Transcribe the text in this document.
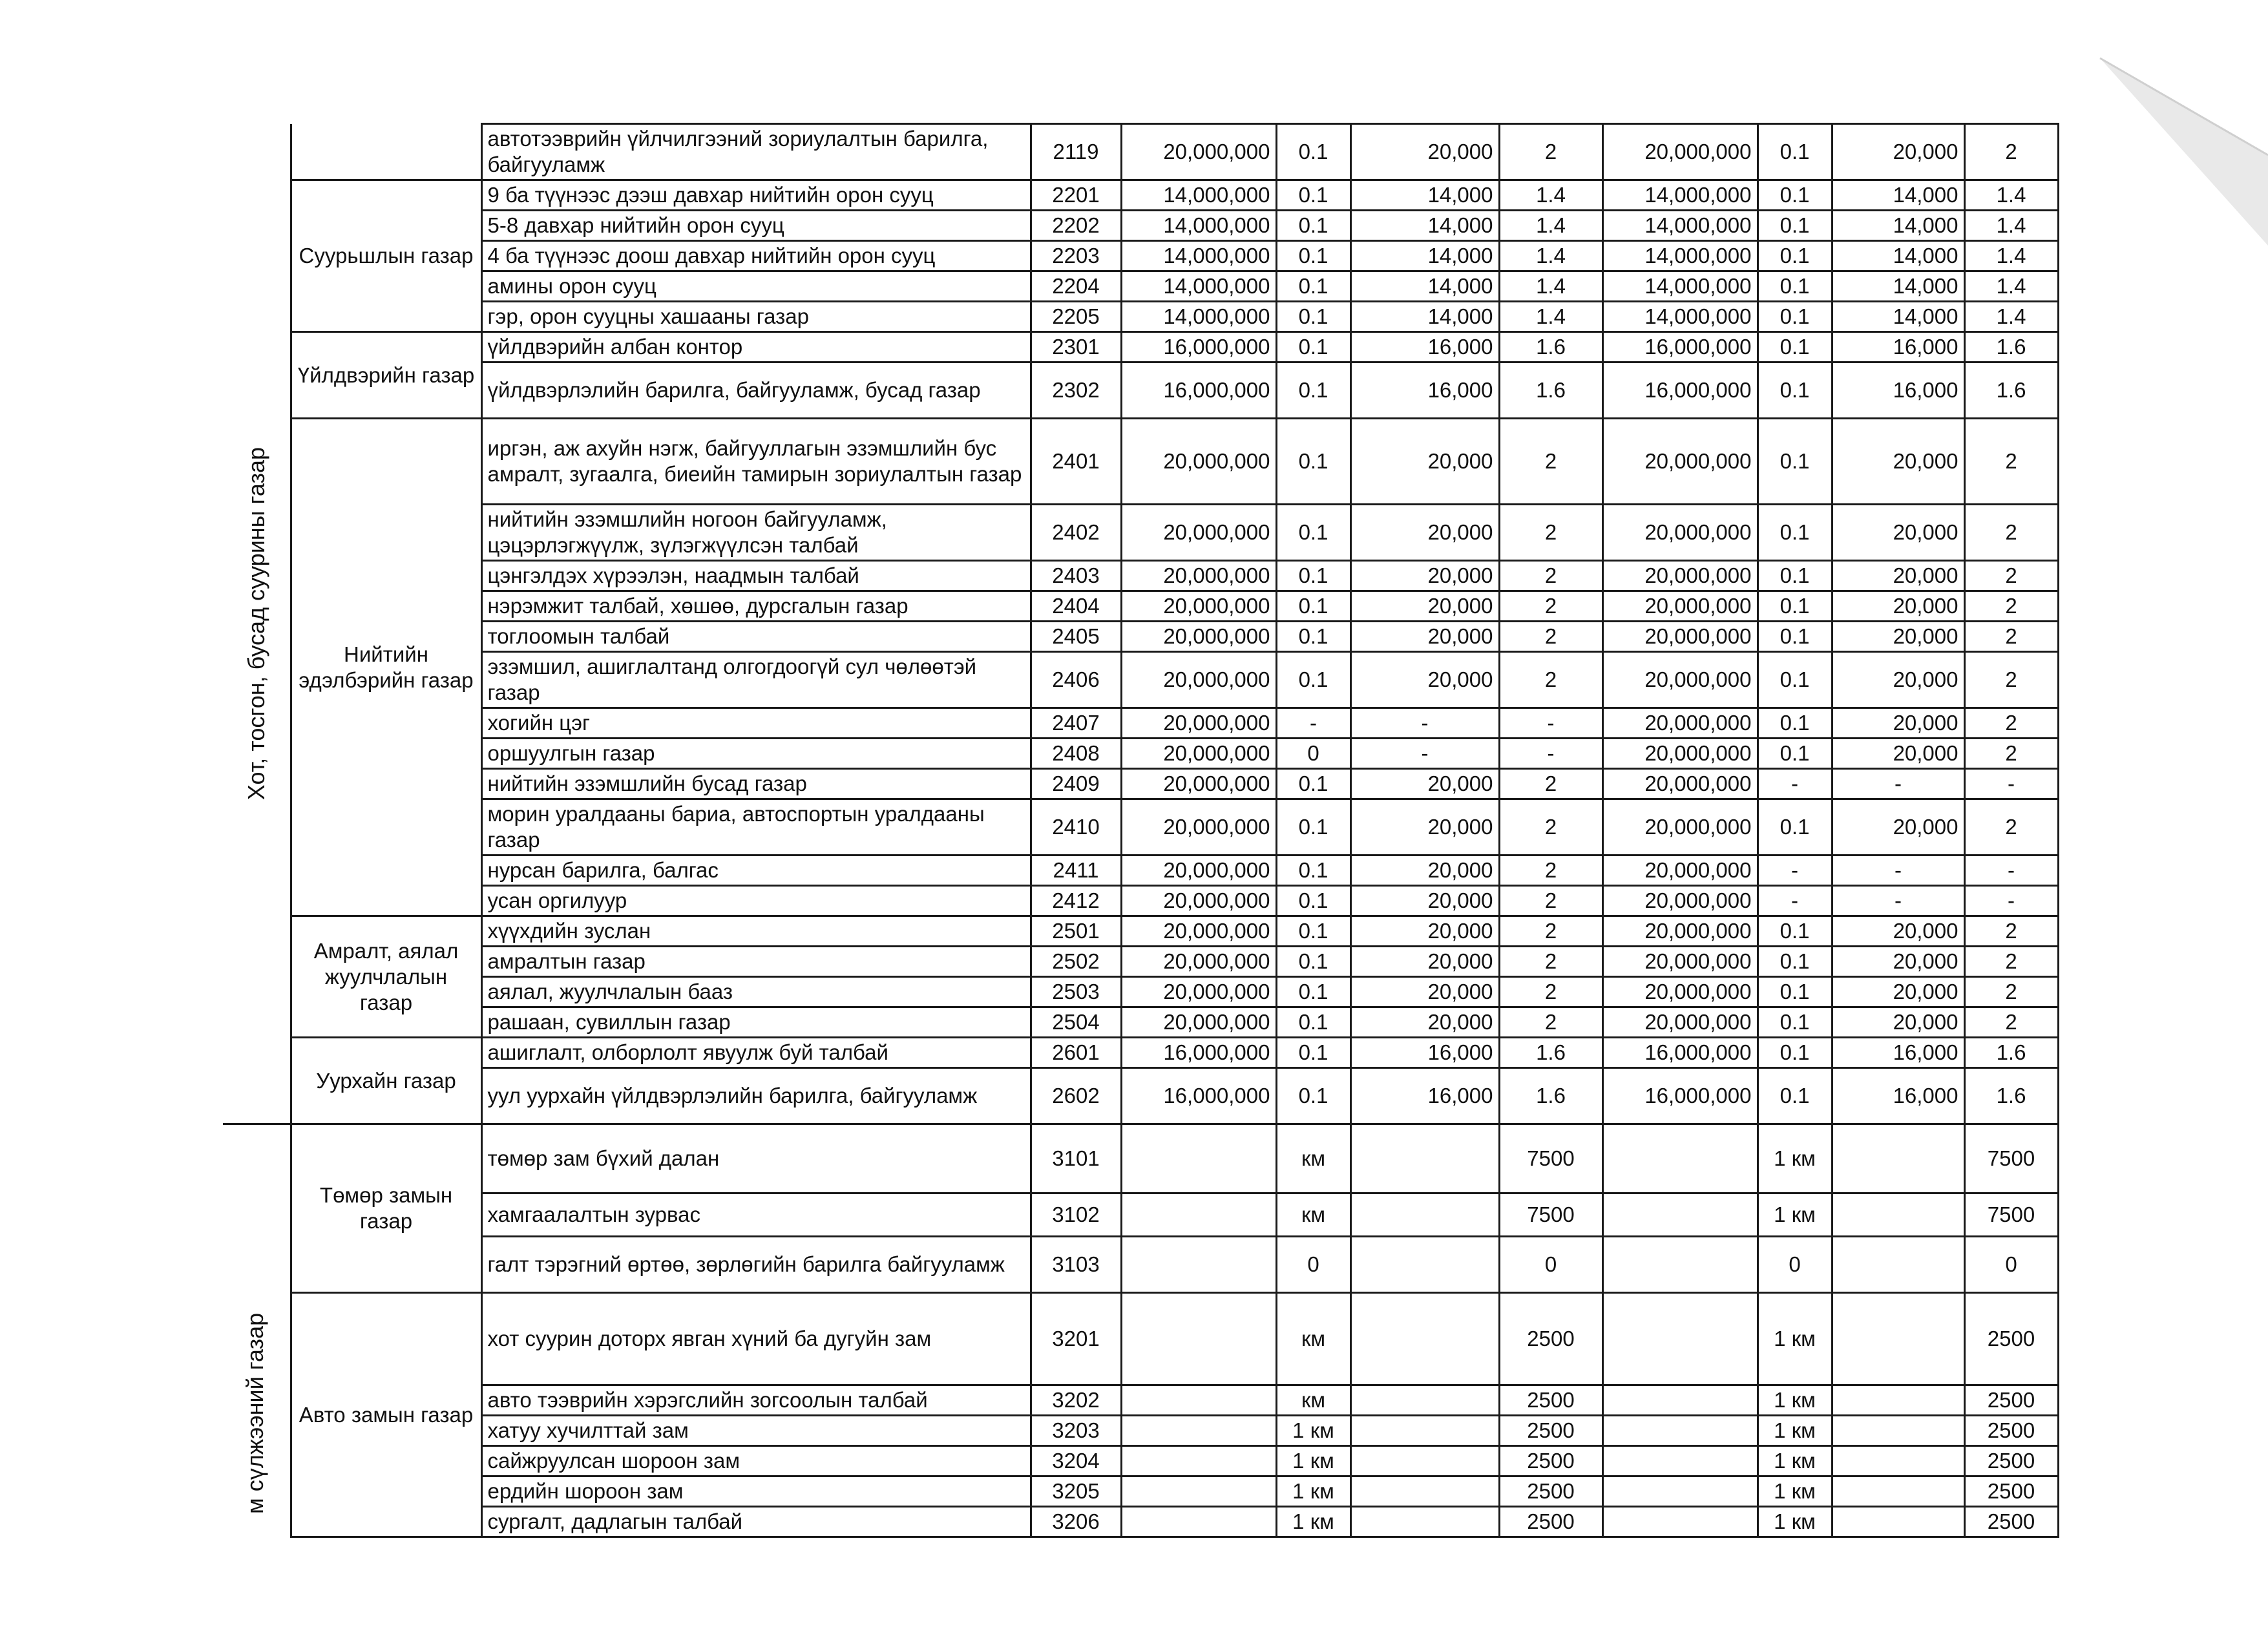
Хот, тосгон, бусад суурины газар		автотээврийн үйлчилгээний зориулалтын барилга, байгууламж	2119	20,000,000	0.1	20,000	2	20,000,000	0.1	20,000	2
	Суурьшлын газар	9 ба түүнээс дээш давхар нийтийн орон сууц	2201	14,000,000	0.1	14,000	1.4	14,000,000	0.1	14,000	1.4
		5-8 давхар нийтийн орон сууц	2202	14,000,000	0.1	14,000	1.4	14,000,000	0.1	14,000	1.4
		4 ба түүнээс доош давхар нийтийн орон сууц	2203	14,000,000	0.1	14,000	1.4	14,000,000	0.1	14,000	1.4
		амины орон сууц	2204	14,000,000	0.1	14,000	1.4	14,000,000	0.1	14,000	1.4
		гэр, орон сууцны хашааны газар	2205	14,000,000	0.1	14,000	1.4	14,000,000	0.1	14,000	1.4
	Үйлдвэрийн газар	үйлдвэрийн албан контор	2301	16,000,000	0.1	16,000	1.6	16,000,000	0.1	16,000	1.6
		үйлдвэрлэлийн барилга, байгууламж, бусад газар	2302	16,000,000	0.1	16,000	1.6	16,000,000	0.1	16,000	1.6
	Нийтийн эдэлбэрийн газар	иргэн, аж ахуйн нэгж, байгууллагын эзэмшлийн бус амралт, зугаалга, биеийн тамирын зориулалтын газар	2401	20,000,000	0.1	20,000	2	20,000,000	0.1	20,000	2
		нийтийн эзэмшлийн ногоон байгууламж, цэцэрлэгжүүлж, зүлэгжүүлсэн талбай	2402	20,000,000	0.1	20,000	2	20,000,000	0.1	20,000	2
		цэнгэлдэх хүрээлэн, наадмын талбай	2403	20,000,000	0.1	20,000	2	20,000,000	0.1	20,000	2
		нэрэмжит талбай, хөшөө, дурсгалын газар	2404	20,000,000	0.1	20,000	2	20,000,000	0.1	20,000	2
		тоглоомын талбай	2405	20,000,000	0.1	20,000	2	20,000,000	0.1	20,000	2
		эзэмшил, ашиглалтанд олгогдоогүй сул чөлөөтэй газар	2406	20,000,000	0.1	20,000	2	20,000,000	0.1	20,000	2
		хогийн цэг	2407	20,000,000	-	-	-	20,000,000	0.1	20,000	2
		оршуулгын газар	2408	20,000,000	0	-	-	20,000,000	0.1	20,000	2
		нийтийн эзэмшлийн бусад газар	2409	20,000,000	0.1	20,000	2	20,000,000	-	-	-
		морин уралдааны бариа, автоспортын уралдааны газар	2410	20,000,000	0.1	20,000	2	20,000,000	0.1	20,000	2
		нурсан барилга, балгас	2411	20,000,000	0.1	20,000	2	20,000,000	-	-	-
		усан оргилуур	2412	20,000,000	0.1	20,000	2	20,000,000	-	-	-
	Амралт, аялал жуулчлалын газар	хүүхдийн зуслан	2501	20,000,000	0.1	20,000	2	20,000,000	0.1	20,000	2
		амралтын газар	2502	20,000,000	0.1	20,000	2	20,000,000	0.1	20,000	2
		аялал, жуулчлалын бааз	2503	20,000,000	0.1	20,000	2	20,000,000	0.1	20,000	2
		рашаан, сувиллын газар	2504	20,000,000	0.1	20,000	2	20,000,000	0.1	20,000	2
	Уурхайн газар	ашиглалт, олборлолт явуулж буй талбай	2601	16,000,000	0.1	16,000	1.6	16,000,000	0.1	16,000	1.6
		уул уурхайн үйлдвэрлэлийн барилга, байгууламж	2602	16,000,000	0.1	16,000	1.6	16,000,000	0.1	16,000	1.6

м сүлжээний газар	Төмөр замын газар	төмөр зам бүхий далан	3101		км		7500		1 км		7500
		хамгаалалтын зурвас	3102		км		7500		1 км		7500
		галт тэрэгний өртөө, зөрлөгийн барилга байгууламж	3103		0		0		0		0
	Авто замын газар	хот суурин доторх явган хүний ба дугуйн зам	3201		км		2500		1 км		2500
		авто тээврийн хэрэгслийн зогсоолын талбай	3202		км		2500		1 км		2500
		хатуу хучилттай зам	3203		1 км		2500		1 км		2500
		сайжруулсан шороон зам	3204		1 км		2500		1 км		2500
		ердийн шороон зам	3205		1 км		2500		1 км		2500
		сургалт, дадлагын талбай	3206		1 км		2500		1 км		2500
